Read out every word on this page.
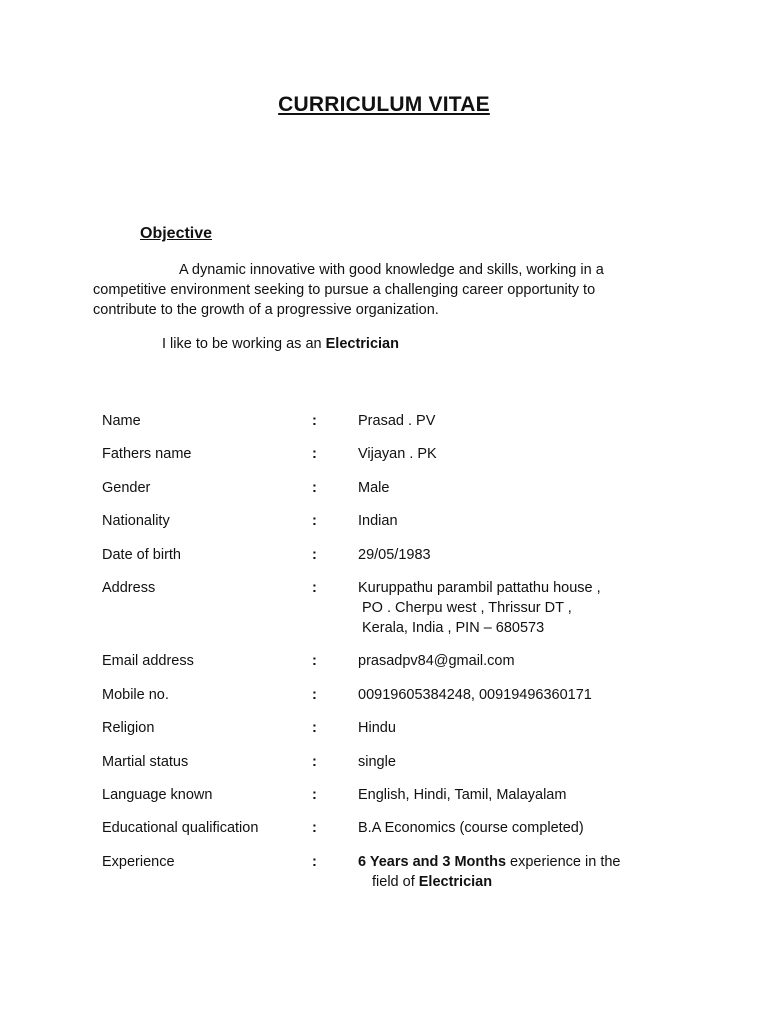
CURRICULUM VITAE
Objective
A dynamic innovative with good knowledge and skills, working in a competitive environment seeking to pursue a challenging career opportunity to contribute to the growth of a progressive organization.
I like to be working as an Electrician
Name	:	Prasad . PV
Fathers name	:	Vijayan . PK
Gender	:	Male
Nationality	:	Indian
Date of birth	:	29/05/1983
Address	:	Kuruppathu parambil pattathu house ,
PO . Cherpu west , Thrissur DT ,
Kerala, India , PIN – 680573
Email address	:	prasadpv84@gmail.com
Mobile no.	:	00919605384248, 00919496360171
Religion	:	Hindu
Martial status	:	single
Language known	:	English, Hindi, Tamil, Malayalam
Educational qualification	:	B.A Economics (course completed)
Experience	:	6 Years and 3 Months experience in the
field of Electrician
